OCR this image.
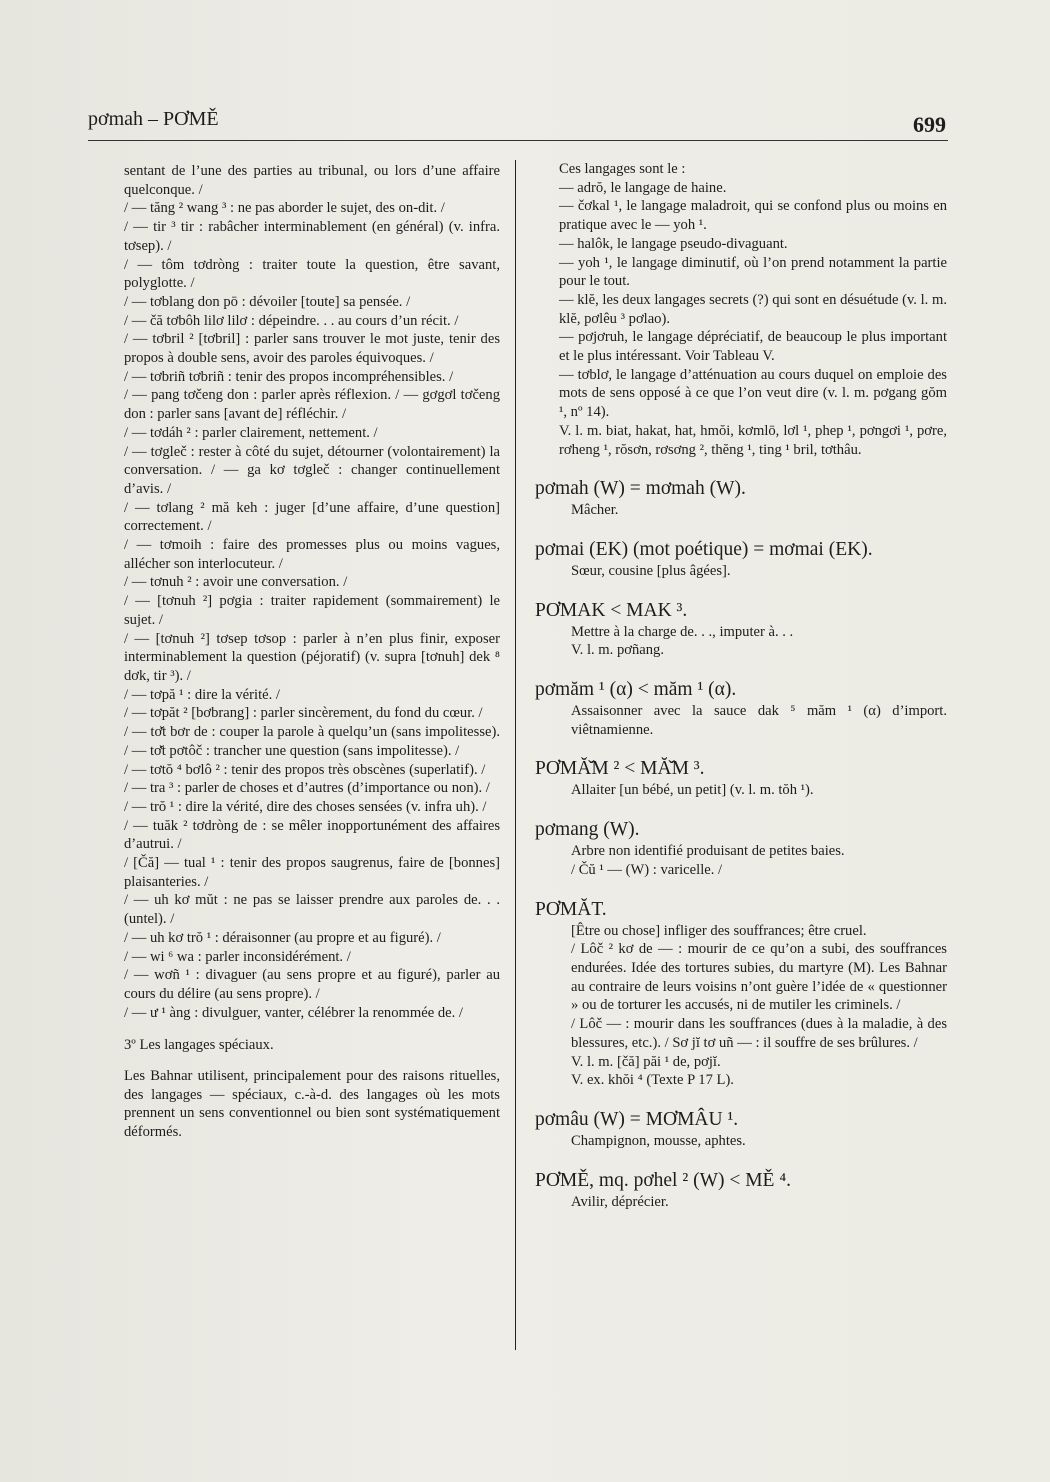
pơmah – PƠMĚ	699

sentant de l’une des parties au tribunal, ou lors d’une affaire quelconque. /

/ — tăng ² wang ³ : ne pas aborder le sujet, des on-dit. /

/ — tir ³ tir : rabâcher interminablement (en général) (v. infra. tơsep). /

/ — tôm tơdròng : traiter toute la question, être savant, polyglotte. /

/ — tơblang don pō : dévoiler [toute] sa pensée. /

/ — čă tơbôh lilơ lilơ : dépeindre. . . au cours d’un récit. /

/ — tơbril ² [tơbril] : parler sans trouver le mot juste, tenir des propos à double sens, avoir des paroles équivoques. /

/ — tơbriñ tơbriñ : tenir des propos incompréhensibles. /

/ — pang tơčeng don : parler après réflexion. / — gơgơl tơčeng don : parler sans [avant de] réfléchir. /

/ — tơdáh ² : parler clairement, nettement. /

/ — tơgleč : rester à côté du sujet, détourner (volontairement) la conversation. / — ga kơ tơgleč : changer continuellement d’avis. /

/ — tơlang ² mă keh : juger [d’une affaire, d’une question] correctement. /

/ — tơmoih : faire des promesses plus ou moins vagues, allécher son interlocuteur. /

/ — tơnuh ² : avoir une conversation. /

/ — [tơnuh ²] pơgia : traiter rapidement (sommairement) le sujet. /

/ — [tơnuh ²] tơsep tơsop : parler à n’en plus finir, exposer interminablement la question (péjoratif) (v. supra [tơnuh] dek ⁸ dơk, tir ³). /

/ — tơpă ¹ : dire la vérité. /

/ — tơpăt ² [bơbrang] : parler sincèrement, du fond du cœur. /

/ — tơ̆t bơr de : couper la parole à quelqu’un (sans impolitesse). / — tơ̆t pơtôč : trancher une question (sans impolitesse). /

/ — tơtŏ ⁴ bơlô ² : tenir des propos très obscènes (superlatif). /

/ — tra ³ : parler de choses et d’autres (d’importance ou non). /

/ — trŏ ¹ : dire la vérité, dire des choses sensées (v. infra uh). /

/ — tuăk ² tơdròng de : se mêler inopportunément des affaires d’autrui. /

/ [Čă] — tual ¹ : tenir des propos saugrenus, faire de [bonnes] plaisanteries. /

/ — uh kơ mŭt : ne pas se laisser prendre aux paroles de. . . (untel). /

/ — uh kơ trŏ ¹ : déraisonner (au propre et au figuré). /

/ — wi ⁶ wa : parler inconsidérément. /

/ — wơñ ¹ : divaguer (au sens propre et au figuré), parler au cours du délire (au sens propre). /

/ — ư ¹ àng : divulguer, vanter, célébrer la renommée de. /

3º Les langages spéciaux.

Les Bahnar utilisent, principalement pour des raisons rituelles, des langages — spéciaux, c.-à-d. des langages où les mots prennent un sens conventionnel ou bien sont systématiquement déformés.

Ces langages sont le :

— adrŏ, le langage de haine.

— čơkal ¹, le langage maladroit, qui se confond plus ou moins en pratique avec le — yoh ¹.

— halôk, le langage pseudo-divaguant.

— yoh ¹, le langage diminutif, où l’on prend notamment la partie pour le tout.

— klĕ, les deux langages secrets (?) qui sont en désuétude (v. l. m. klĕ, pơlêu ³ pơlao).

— pơjơruh, le langage dépréciatif, de beaucoup le plus important et le plus intéressant. Voir Tableau V.

— tơblơ, le langage d’atténuation au cours duquel on emploie des mots de sens opposé à ce que l’on veut dire (v. l. m. pơgang gŏm ¹, nº 14).

V. l. m. biat, hakat, hat, hmŏi, kơmlō, lơl ¹, phep ¹, pơngơi ¹, pơre, rơheng ¹, rŏsơn, rơsơng ², thĕng ¹, ting ¹ bril, tơthâu.

pơmah (W) = mơmah (W).

Mâcher.

pơmai (EK) (mot poétique) = mơmai (EK).

Sœur, cousine [plus âgées].

PƠMAK < MAK ³.

Mettre à la charge de. . ., imputer à. . .

V. l. m. pơñang.

pơmăm ¹ (α) < măm ¹ (α).

Assaisonner avec la sauce dak ⁵ măm ¹ (α) d’import. viêtnamienne.

PƠMĂ̌M ² < MĂ̌M ³.

Allaiter [un bébé, un petit] (v. l. m. tŏh ¹).

pơmang (W).

Arbre non identifié produisant de petites baies.

/ Čŭ ¹ — (W) : varicelle. /

PƠMĂT.

[Être ou chose] infliger des souffrances; être cruel.

/ Lôč ² kơ de — : mourir de ce qu’on a subi, des souffrances endurées. Idée des tortures subies, du martyre (M). Les Bahnar au contraire de leurs voisins n’ont guère l’idée de « questionner » ou de torturer les accusés, ni de mutiler les criminels. /

/ Lôč — : mourir dans les souffrances (dues à la maladie, à des blessures, etc.). / Sơ jĭ tơ uñ — : il souffre de ses brûlures. /

V. l. m. [čă] păi ¹ de, pơjĭ.

V. ex. khŏi ⁴ (Texte P 17 L).

pơmâu (W) = MƠMÂU ¹.

Champignon, mousse, aphtes.

PƠMĚ, mq. pơhel ² (W) < MĚ ⁴.

Avilir, déprécier.
